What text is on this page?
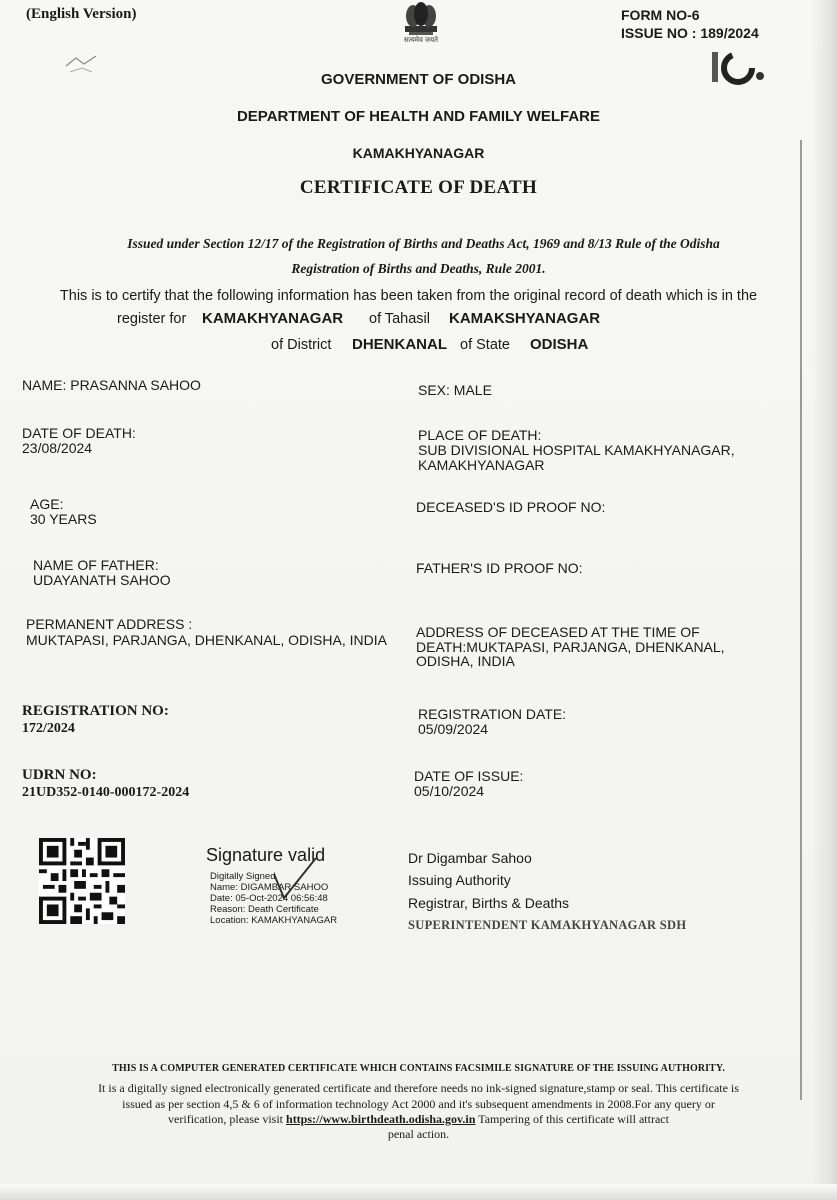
(English Version)
सत्यमेव जयते
FORM NO-6
ISSUE NO : 189/2024
GOVERNMENT OF ODISHA
DEPARTMENT OF HEALTH AND FAMILY WELFARE
KAMAKHYANAGAR
CERTIFICATE OF DEATH
Issued under Section 12/17 of the Registration of Births and Deaths Act, 1969 and 8/13 Rule of the Odisha
Registration of Births and Deaths, Rule 2001.
This is to certify that the following information has been taken from the original record of death which is in the
register for KAMAKHYANAGAR of Tahasil KAMAKSHYANAGAR
of District DHENKANAL of State ODISHA
NAME: PRASANNA SAHOO
DATE OF DEATH:
23/08/2024
AGE:
30 YEARS
NAME OF FATHER:
UDAYANATH SAHOO
PERMANENT ADDRESS :
MUKTAPASI, PARJANGA, DHENKANAL, ODISHA, INDIA
REGISTRATION NO:
172/2024
UDRN NO:
21UD352-0140-000172-2024
SEX: MALE
PLACE OF DEATH:
SUB DIVISIONAL HOSPITAL KAMAKHYANAGAR,
KAMAKHYANAGAR
DECEASED'S ID PROOF NO:
FATHER'S ID PROOF NO:
ADDRESS OF DECEASED AT THE TIME OF
DEATH:MUKTAPASI, PARJANGA, DHENKANAL,
ODISHA, INDIA
REGISTRATION DATE:
05/09/2024
DATE OF ISSUE:
05/10/2024
Signature valid
Digitally Signed
Name: DIGAMBAR SAHOO
Date: 05-Oct-2024 06:56:48
Reason: Death Certificate
Location: KAMAKHYANAGAR
Dr Digambar Sahoo
Issuing Authority
Registrar, Births & Deaths
SUPERINTENDENT KAMAKHYANAGAR SDH
THIS IS A COMPUTER GENERATED CERTIFICATE WHICH CONTAINS FACSIMILE SIGNATURE OF THE ISSUING AUTHORITY.
It is a digitally signed electronically generated certificate and therefore needs no ink-signed signature,stamp or seal. This certificate is
issued as per section 4,5 & 6 of information technology Act 2000 and it's subsequent amendments in 2008.For any query or
verification, please visit https://www.birthdeath.odisha.gov.in Tampering of this certificate will attract
penal action.
